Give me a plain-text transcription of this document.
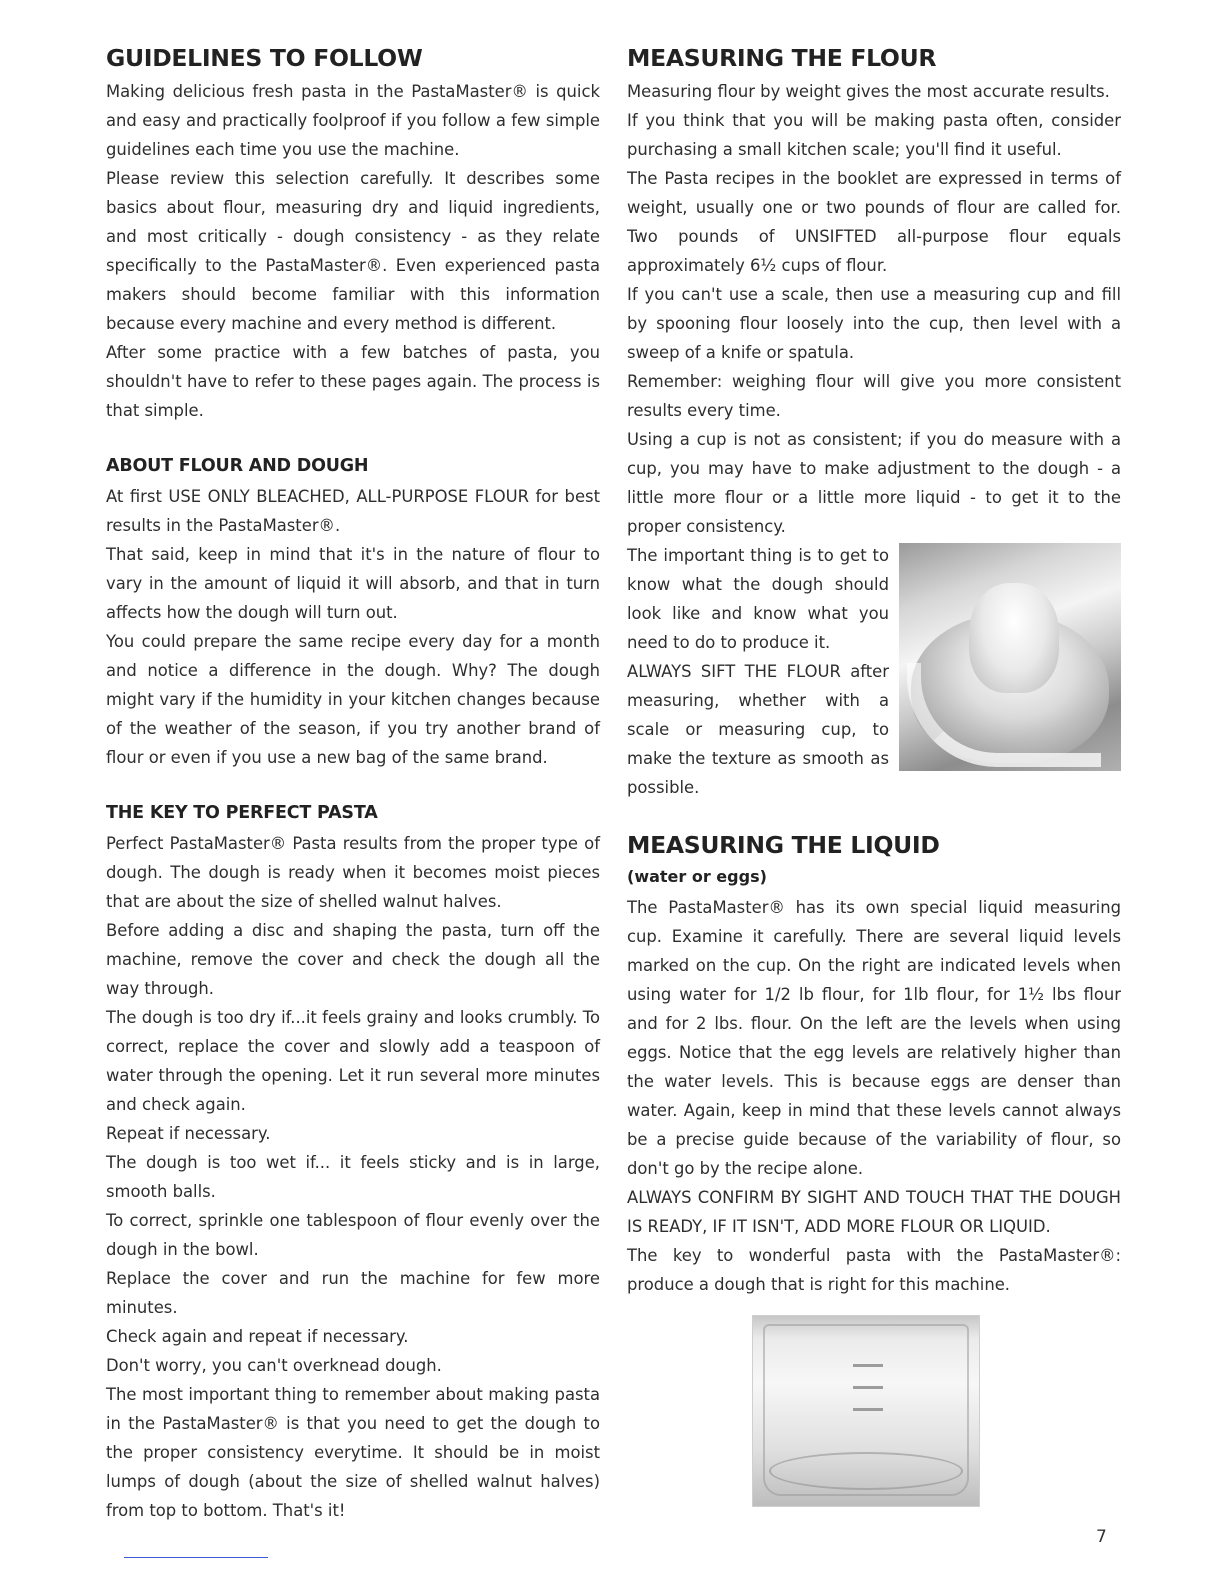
GUIDELINES TO FOLLOW

Making delicious fresh pasta in the PastaMaster® is quick and easy and practically foolproof if you follow a few simple guidelines each time you use the machine.

Please review this selection carefully. It describes some basics about flour, measuring dry and liquid ingredients, and most critically - dough consistency - as they relate specifically to the PastaMaster®. Even experienced pasta makers should become familiar with this information because every machine and every method is different.

After some practice with a few batches of pasta, you shouldn't have to refer to these pages again. The process is that simple.

ABOUT FLOUR AND DOUGH

At first USE ONLY BLEACHED, ALL-PURPOSE FLOUR for best results in the PastaMaster®.

That said, keep in mind that it's in the nature of flour to vary in the amount of liquid it will absorb, and that in turn affects how the dough will turn out.

You could prepare the same recipe every day for a month and notice a difference in the dough. Why? The dough might vary if the humidity in your kitchen changes because of the weather of the season, if you try another brand of flour or even if you use a new bag of the same brand.

THE KEY TO PERFECT PASTA

Perfect PastaMaster® Pasta results from the proper type of dough. The dough is ready when it becomes moist pieces that are about the size of shelled walnut halves.

Before adding a disc and shaping the pasta, turn off the machine, remove the cover and check the dough all the way through.

The dough is too dry if...it feels grainy and looks crumbly. To correct, replace the cover and slowly add a teaspoon of water through the opening. Let it run several more minutes and check again.

Repeat if necessary.

The dough is too wet if... it feels sticky and is in large, smooth balls.

To correct, sprinkle one tablespoon of flour evenly over the dough in the bowl.

Replace the cover and run the machine for few more minutes.

Check again and repeat if necessary.

Don't worry, you can't overknead dough.

The most important thing to remember about making pasta in the PastaMaster® is that you need to get the dough to the proper consistency everytime. It should be in moist lumps of dough (about the size of shelled walnut halves) from top to bottom. That's it!

MEASURING THE FLOUR

Measuring flour by weight gives the most accurate results.

If you think that you will be making pasta often, consider purchasing a small kitchen scale; you'll find it useful.

The Pasta recipes in the booklet are expressed in terms of weight, usually one or two pounds of flour are called for. Two pounds of UNSIFTED all-purpose flour equals approximately 6½ cups of flour.

If you can't use a scale, then use a measuring cup and fill by spooning flour loosely into the cup, then level with a sweep of a knife or spatula.

Remember: weighing flour will give you more consistent results every time.

Using a cup is not as consistent; if you do measure with a cup, you may have to make adjustment to the dough - a little more flour or a little more liquid - to get it to the proper consistency.

The important thing is to get to know what the dough should look like and know what you need to do to produce it.

ALWAYS SIFT THE FLOUR after measuring, whether with a scale or measuring cup, to make the texture as smooth as possible.

MEASURING THE LIQUID
(water or eggs)

The PastaMaster® has its own special liquid measuring cup. Examine it carefully. There are several liquid levels marked on the cup. On the right are indicated levels when using water for 1/2 lb flour, for 1lb flour, for 1½ lbs flour and for 2 lbs. flour. On the left are the levels when using eggs. Notice that the egg levels are relatively higher than the water levels. This is because eggs are denser than water. Again, keep in mind that these levels cannot always be a precise guide because of the variability of flour, so don't go by the recipe alone.

ALWAYS CONFIRM BY SIGHT AND TOUCH THAT THE DOUGH IS READY, IF IT ISN'T, ADD MORE FLOUR OR LIQUID.

The key to wonderful pasta with the PastaMaster®: produce a dough that is right for this machine.

7
